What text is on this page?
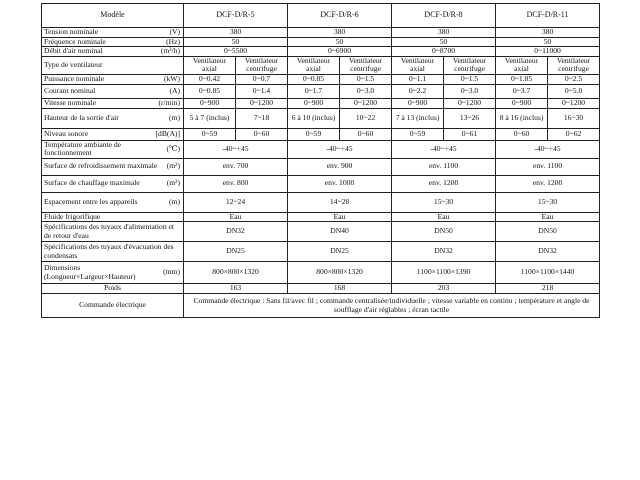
Modèle	DCF-D/R-5		DCF-D/R-6		DCF-D/R-8		DCF-D/R-11	

Tension nominale (V)	380		380		380		380	

Fréquence nominale (Hz)	50		50		50		50	

Débit d'air nominal (m³/h)	0~5500		0~6900		0~8700		0~11000	

Type de ventilateur	Ventilateur axial	Ventilateur centrifuge	Ventilateur axial	Ventilateur centrifuge	Ventilateur axial	Ventilateur centrifuge	Ventilateur axial	Ventilateur centrifuge

Puissance nominale (kW)	0~0.42	0~0.7	0~0.85	0~1.5	0~1.1	0~1.5	0~1.85	0~2.5

Courant nominal (A)	0~0.85	0~1.4	0~1.7	0~3.0	0~2.2	0~3.0	0~3.7	0~5.0

Vitesse nominale (r/min)	0~900	0~1200	0~900	0~1200	0~900	0~1200	0~900	0~1200

Hauteur de la sortie d'air (m)	5 à 7 (inclus)	7~18	6 à 10 (inclus)	10~22	7 à 13 (inclus)	13~26	8 à 16 (inclus)	16~30

Niveau sonore [dB(A)]	0~59	0~60	0~59	0~60	0~59	0~61	0~60	0~62

Température ambiante de fonctionnement (℃)	-40~+45		-40~+45		-40~+45		-40~+45	

Surface de refroidissement maximale (m²)	env. 700		env. 900		env. 1100		env. 1100	

Surface de chauffage maximale (m²)	env. 800		env. 1000		env. 1200		env. 1200	

Espacement entre les appareils (m)	12~24		14~28		15~30		15~30	

Fluide frigorifique	Eau		Eau		Eau		Eau	

Spécifications des tuyaux d'alimentation et de retour d'eau	DN32		DN40		DN50		DN50	

Spécifications des tuyaux d'évacuation des condensats	DN25		DN25		DN32		DN32	

Dimensions (Longueur×Largeur×Hauteur) (mm)	800×800×1320		800×800×1320		1100×1100×1390		1100×1100×1440	
Poids	163		168		203		218	
Commande électrique	Commande électrique : Sans fil/avec fil ; commande centralisée/individuelle ; vitesse variable en continu ; température et angle de soufflage d'air réglables ; écran tactile							
